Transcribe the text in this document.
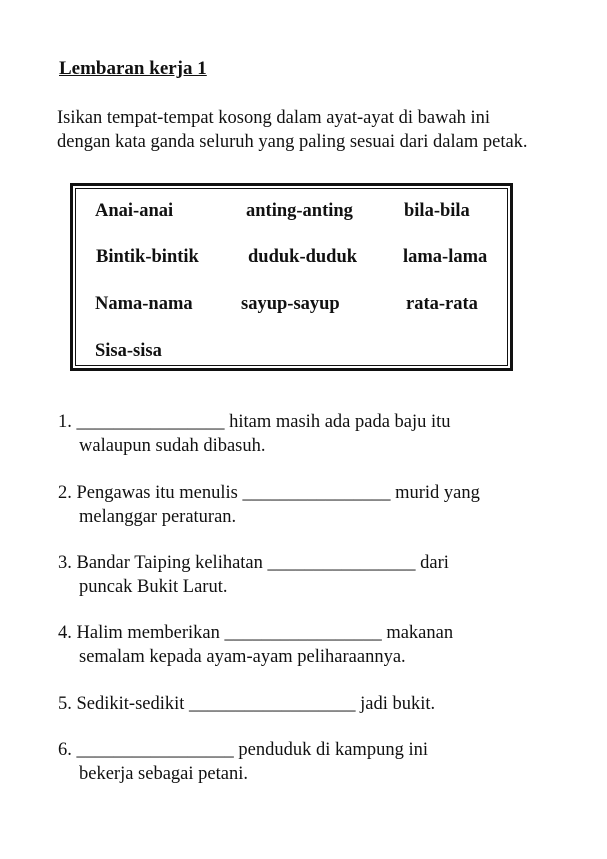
Lembaran kerja 1
Isikan tempat-tempat kosong dalam ayat-ayat di bawah ini dengan kata ganda seluruh yang paling sesuai dari dalam petak.
Anai-anai	anting-anting	bila-bila
Bintik-bintik	duduk-duduk lama-lama
Nama-nama	sayup-sayup	rata-rata
Sisa-sisa
1. ________________ hitam masih ada pada baju itu
walaupun sudah dibasuh.
2. Pengawas itu menulis ________________ murid yang
melanggar peraturan.
3. Bandar Taiping kelihatan ________________ dari
puncak Bukit Larut.
4. Halim memberikan _________________ makanan
semalam kepada ayam-ayam peliharaannya.
5. Sedikit-sedikit __________________ jadi bukit.
6. _________________ penduduk di kampung ini
bekerja sebagai petani.
